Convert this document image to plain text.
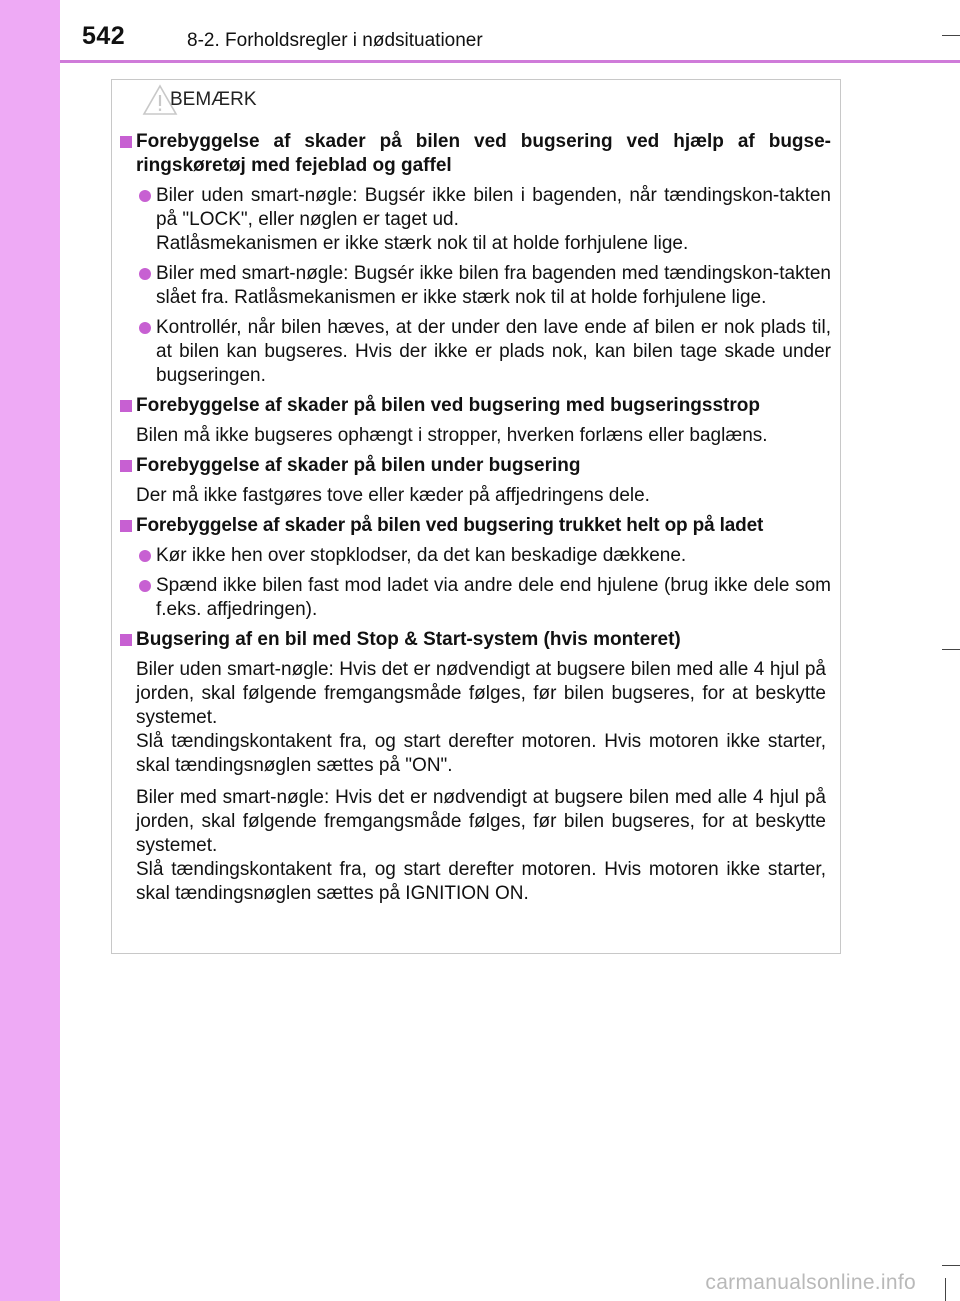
542	8-2. Forholdsregler i nødsituationer
BEMÆRK
Forebyggelse af skader på bilen ved bugsering ved hjælp af bugse-ringskøretøj med fejeblad og gaffel
Biler uden smart-nøgle: Bugsér ikke bilen i bagenden, når tændingskon-takten på "LOCK", eller nøglen er taget ud.
Ratlåsmekanismen er ikke stærk nok til at holde forhjulene lige.
Biler med smart-nøgle: Bugsér ikke bilen fra bagenden med tændingskon-takten slået fra. Ratlåsmekanismen er ikke stærk nok til at holde forhjulene lige.
Kontrollér, når bilen hæves, at der under den lave ende af bilen er nok plads til, at bilen kan bugseres. Hvis der ikke er plads nok, kan bilen tage skade under bugseringen.
Forebyggelse af skader på bilen ved bugsering med bugseringsstrop
Bilen må ikke bugseres ophængt i stropper, hverken forlæns eller baglæns.
Forebyggelse af skader på bilen under bugsering
Der må ikke fastgøres tove eller kæder på affjedringens dele.
Forebyggelse af skader på bilen ved bugsering trukket helt op på ladet
Kør ikke hen over stopklodser, da det kan beskadige dækkene.
Spænd ikke bilen fast mod ladet via andre dele end hjulene (brug ikke dele som f.eks. affjedringen).
Bugsering af en bil med Stop & Start-system (hvis monteret)
Biler uden smart-nøgle: Hvis det er nødvendigt at bugsere bilen med alle 4 hjul på jorden, skal følgende fremgangsmåde følges, før bilen bugseres, for at beskytte systemet.
Slå tændingskontakent fra, og start derefter motoren. Hvis motoren ikke starter, skal tændingsnøglen sættes på "ON".
Biler med smart-nøgle: Hvis det er nødvendigt at bugsere bilen med alle 4 hjul på jorden, skal følgende fremgangsmåde følges, før bilen bugseres, for at beskytte systemet.
Slå tændingskontakent fra, og start derefter motoren. Hvis motoren ikke starter, skal tændingsnøglen sættes på IGNITION ON.
carmanualsonline.info
